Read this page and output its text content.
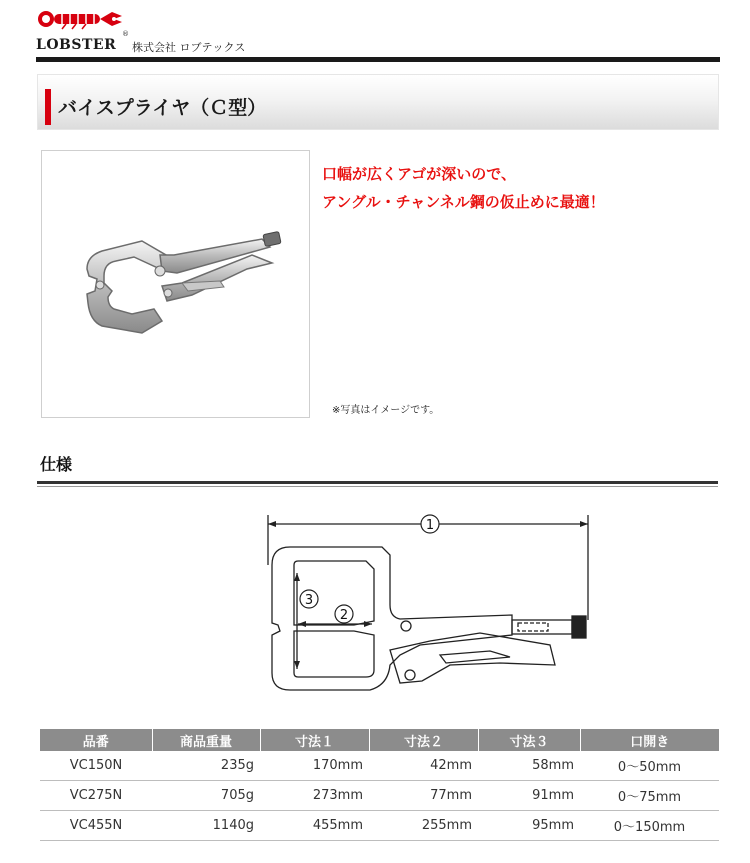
LOBSTER
®
株式会社 ロブテックス
バイスプライヤ（Ｃ型）
口幅が広くアゴが深いので、
アングル・チャンネル鋼の仮止めに最適！
※写真はイメージです。
仕様
1
2
3
品番	商品重量	寸法１	寸法２	寸法３	口開き
VC150N	235g	170mm	42mm	58mm	0〜50mm
VC275N	705g	273mm	77mm	91mm	0〜75mm
VC455N	1140g	455mm	255mm	95mm	0〜150mm
